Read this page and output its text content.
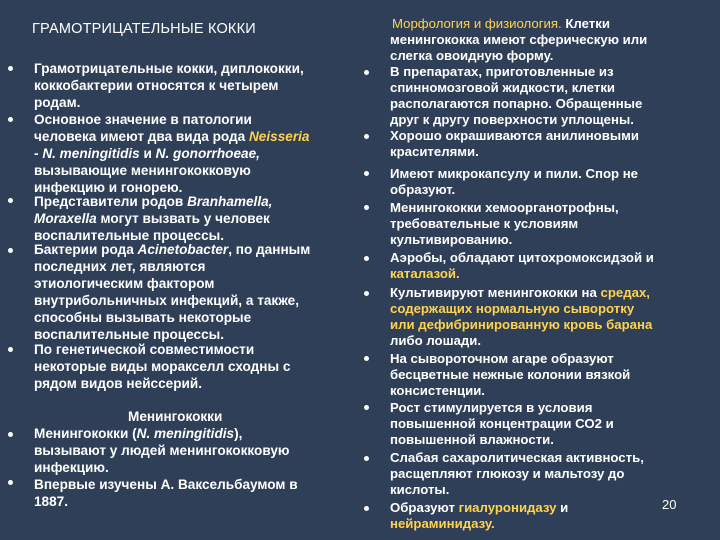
ГРАМОТРИЦАТЕЛЬНЫЕ КОККИ
Грамотрицательные кокки, диплококки,
коккобактерии относятся к четырем
родам.
Основное значение в патологии
человека имеют два вида рода Neisseria
- N. meningitidis и N. gonorrhoeae,
вызывающие менингококковую
инфекцию и гонорею.
Представители родов Branhamella,
Moraxella могут вызвать у человек
воспалительные процессы.
Бактерии рода Acinetobacter, по данным
последних лет, являются
этиологическим фактором
внутрибольничных инфекций, а также,
способны вызывать некоторые
воспалительные процессы.
По генетической совместимости
некоторые виды моракселл сходны с
рядом видов нейссерий.
Менингококки
Менингококки (N. meningitidis),
вызывают у людей менингококковую
инфекцию.
Впервые изучены А. Вaксельбаумом в
1887.
Морфология и физиология. Клетки
менингококка имеют сферическую или
слегка овоидную форму.
В препаратах, приготовленные из
спинномозговой жидкости, клетки
располагаются попарно. Обращенные
друг к другу поверхности уплощены.
Хорошо окрашиваются анилиновыми
красителями.
Имеют микрокапсулу и пили. Спор не
образуют.
Менингококки хемоорганотрофны,
требовательные к условиям
культивированию.
Аэробы, обладают цитохромоксидзой и
каталазой.
Культивируют менингококки на средах,
содержащих нормальную сыворотку
или дефибринированную кровь барана
либо лошади.
На сывороточном агаре образуют
бесцветные нежные колонии вязкой
консистенции.
Рост стимулируется в условия
повышенной концентрации СО2 и
повышенной влажности.
Слабая сахаролитическая активность,
расщепляют глюкозу и мальтозу до
кислоты.
Образуют гиалуронидазу и
нейраминидазу.
20
